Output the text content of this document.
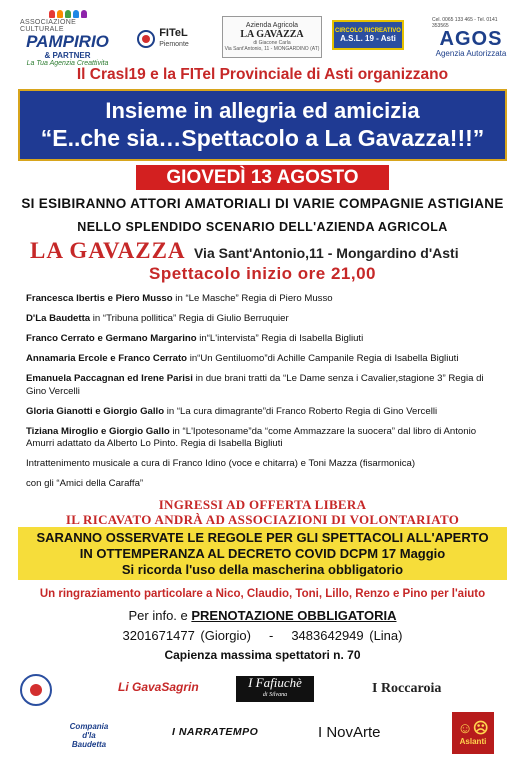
ASSOCIAZIONE CULTURALE
PAMPIRIO
& PARTNER
La Tua Agenzia Creattivita
FITeL
Piemonte
Azienda Agricola
LA GAVAZZA
di Giacone Carla
Via Sant'Antonio, 11 - MONGARDINO (AT)
CIRCOLO RICREATIVO
A.S.L. 19 - Asti
Cel. 0065 133 465 - Tel. 0141 353565
AGOS
Agenzia Autorizzata
Il Crasl19 e la FITel Provinciale di Asti organizzano
Insieme in allegria ed amicizia
“E..che sia…Spettacolo a La Gavazza!!!”
GIOVEDÌ 13 AGOSTO
SI ESIBIRANNO ATTORI AMATORIALI DI VARIE COMPAGNIE ASTIGIANE
NELLO SPLENDIDO SCENARIO DELL'AZIENDA AGRICOLA
LA GAVAZZA Via Sant'Antonio,11 - Mongardino d'Asti
Spettacolo inizio ore 21,00
Francesca Ibertis e Piero Musso in “Le Masche” Regia di Piero Musso
D'La Baudetta in “Tribuna pollitica” Regia di Giulio Berruquier
Franco Cerrato e Germano Margarino in“L'intervista” Regia di Isabella Bigliuti
Annamaria Ercole e Franco Cerrato in“Un Gentiluomo”di Achille Campanile Regia di Isabella Bigliuti
Emanuela Paccagnan ed Irene Parisi in due brani tratti da “Le Dame senza i Cavalier,stagione 3” Regia di Gino Vercelli
Gloria Gianotti e Giorgio Gallo in “La cura dimagrante”di Franco Roberto Regia di Gino Vercelli
Tiziana Miroglio e Giorgio Gallo in “L'Ipotesoname”da “come Ammazzare la suocera” dal libro di Antonio Amurri adattato da Alberto Lo Pinto. Regia di Isabella Bigliuti
Intrattenimento musicale a cura di Franco Idino (voce e chitarra) e Toni Mazza (fisarmonica)
con gli “Amici della Caraffa”
INGRESSI AD OFFERTA LIBERA
IL RICAVATO ANDRÀ AD ASSOCIAZIONI DI VOLONTARIATO
SARANNO OSSERVATE LE REGOLE PER GLI SPETTACOLI ALL'APERTO
IN OTTEMPERANZA AL DECRETO COVID DCPM 17 Maggio
Si ricorda l'uso della mascherina obbligatorio
Un ringraziamento particolare a Nico, Claudio, Toni, Lillo, Renzo e Pino per l'aiuto
Per info. e PRENOTAZIONE OBBLIGATORIA
3201671477 (Giorgio) - 3483642949 (Lina)
Capienza massima spettatori n. 70
Li GavaSagrin	I Fafiuchè
di Silvana	I Roccaroia
Compania
d'la Baudetta
I NARRATEMPO	I NovArte	☺☹
Aslanti
